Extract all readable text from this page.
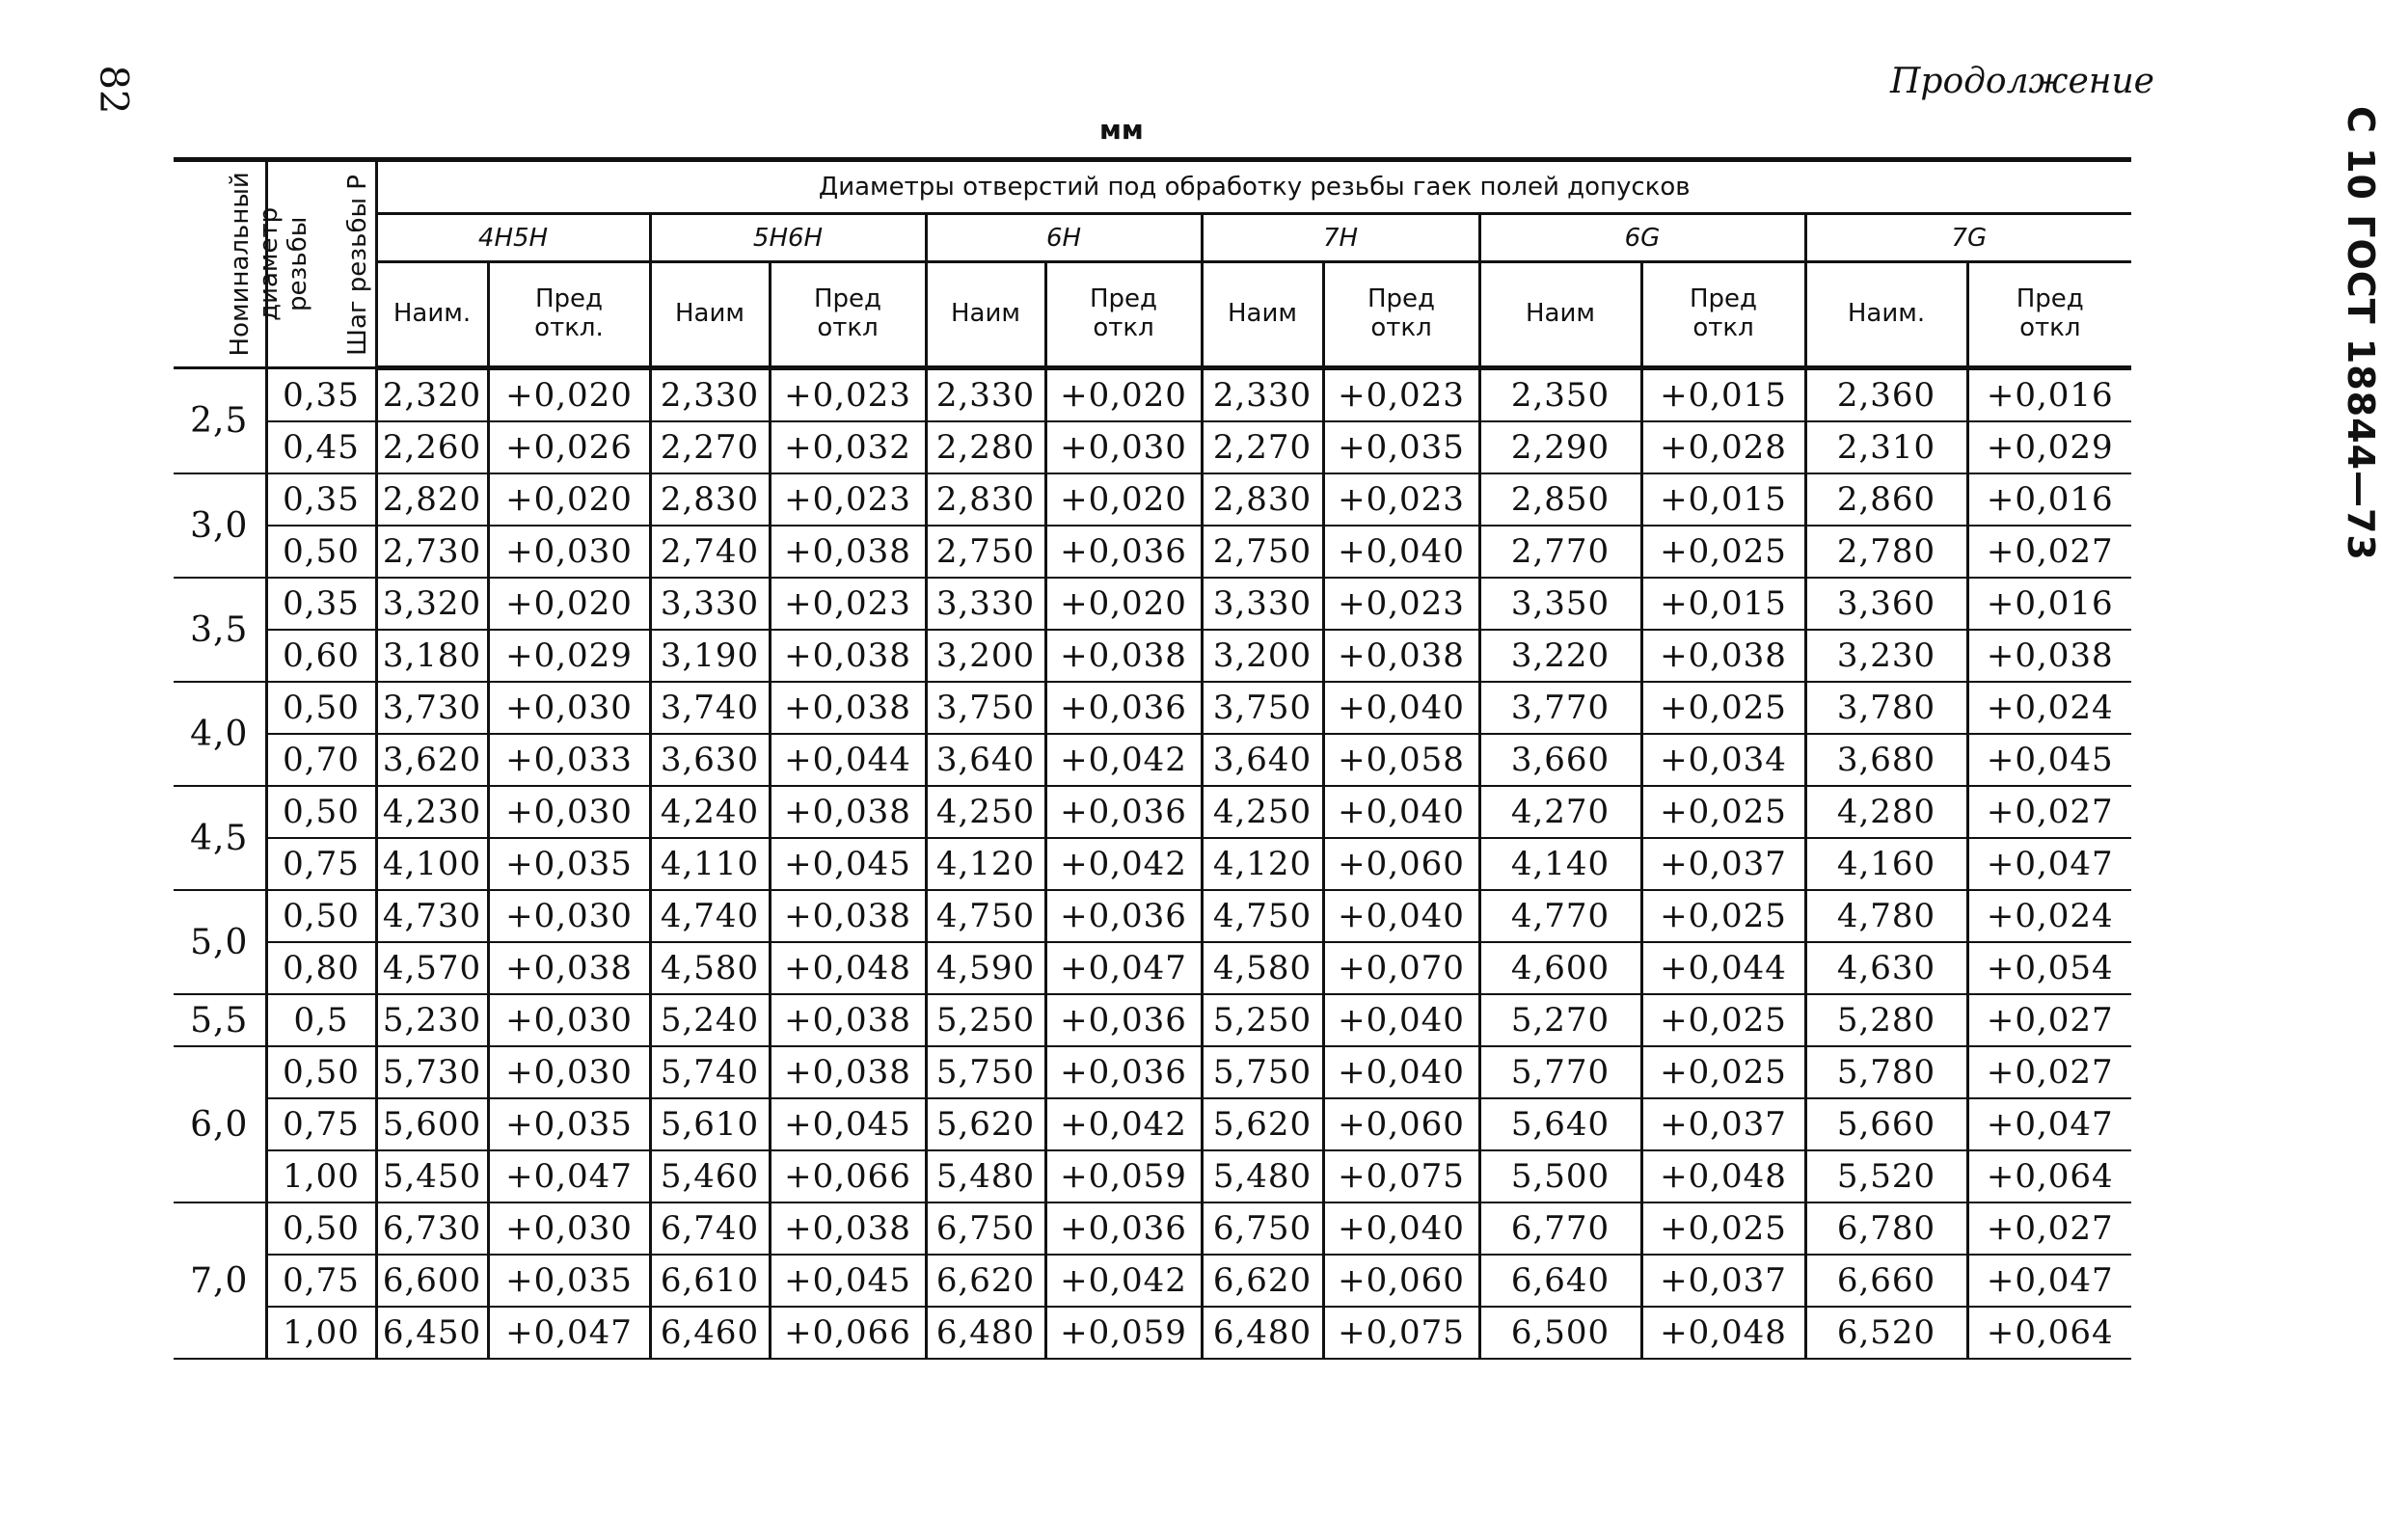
82	Продолжение
мм	С 10 ГОСТ 18844—73
Номинальный диаметр резьбы	Шаг резьбы P	Диаметры отверстий под обработку резьбы гаек полей допусков											
		4H5H		5H6H		6H		7H		6G		7G	
		Наим.	Пред откл.	Наим	Пред откл	Наим	Пред откл	Наим	Пред откл	Наим	Пред откл	Наим.	Пред откл
2,5	0,35	2,320	+0,020	2,330	+0,023	2,330	+0,020	2,330	+0,023	2,350	+0,015	2,360	+0,016
	0,45	2,260	+0,026	2,270	+0,032	2,280	+0,030	2,270	+0,035	2,290	+0,028	2,310	+0,029
3,0	0,35	2,820	+0,020	2,830	+0,023	2,830	+0,020	2,830	+0,023	2,850	+0,015	2,860	+0,016
	0,50	2,730	+0,030	2,740	+0,038	2,750	+0,036	2,750	+0,040	2,770	+0,025	2,780	+0,027
3,5	0,35	3,320	+0,020	3,330	+0,023	3,330	+0,020	3,330	+0,023	3,350	+0,015	3,360	+0,016
	0,60	3,180	+0,029	3,190	+0,038	3,200	+0,038	3,200	+0,038	3,220	+0,038	3,230	+0,038
4,0	0,50	3,730	+0,030	3,740	+0,038	3,750	+0,036	3,750	+0,040	3,770	+0,025	3,780	+0,024
	0,70	3,620	+0,033	3,630	+0,044	3,640	+0,042	3,640	+0,058	3,660	+0,034	3,680	+0,045
4,5	0,50	4,230	+0,030	4,240	+0,038	4,250	+0,036	4,250	+0,040	4,270	+0,025	4,280	+0,027
	0,75	4,100	+0,035	4,110	+0,045	4,120	+0,042	4,120	+0,060	4,140	+0,037	4,160	+0,047
5,0	0,50	4,730	+0,030	4,740	+0,038	4,750	+0,036	4,750	+0,040	4,770	+0,025	4,780	+0,024
	0,80	4,570	+0,038	4,580	+0,048	4,590	+0,047	4,580	+0,070	4,600	+0,044	4,630	+0,054
5,5	0,5	5,230	+0,030	5,240	+0,038	5,250	+0,036	5,250	+0,040	5,270	+0,025	5,280	+0,027
6,0	0,50	5,730	+0,030	5,740	+0,038	5,750	+0,036	5,750	+0,040	5,770	+0,025	5,780	+0,027
	0,75	5,600	+0,035	5,610	+0,045	5,620	+0,042	5,620	+0,060	5,640	+0,037	5,660	+0,047
	1,00	5,450	+0,047	5,460	+0,066	5,480	+0,059	5,480	+0,075	5,500	+0,048	5,520	+0,064
7,0	0,50	6,730	+0,030	6,740	+0,038	6,750	+0,036	6,750	+0,040	6,770	+0,025	6,780	+0,027
	0,75	6,600	+0,035	6,610	+0,045	6,620	+0,042	6,620	+0,060	6,640	+0,037	6,660	+0,047
	1,00	6,450	+0,047	6,460	+0,066	6,480	+0,059	6,480	+0,075	6,500	+0,048	6,520	+0,064
